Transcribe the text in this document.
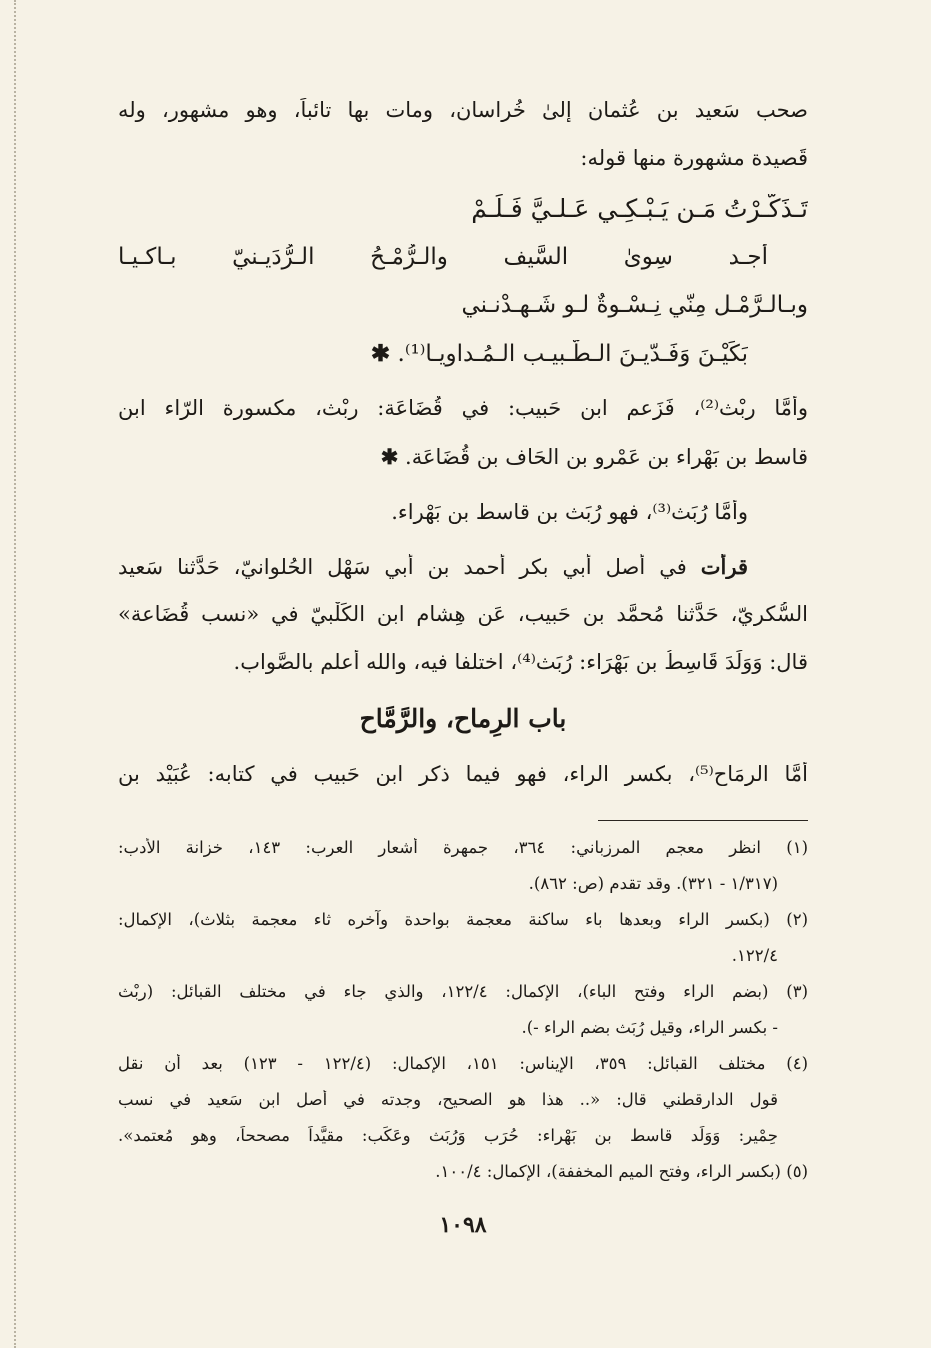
صحب سَعيد بن عُثمان إلىٰ خُراسان، ومات بها تائباً، وهو مشهور، وله
قَصيدة مشهورة منها قوله:
تَـذَكَّـرْتُ مَـن يَـبْـكِـي عَـلـيَّ فَـلَـمْ
أجـد سِوىٰ السَّيف والـرُّمْـحُ الـرُّدَيـنيّ بـاكـيـا
وبـالـرَّمْـل مِنّي نِـسْـوةٌ لـو شَـهِـدْنـني
بَكَيْـنَ وَفَـدّيـنَ الـطَّـبيـب الـمُـداويـا⁽¹⁾. ✱
وأمَّا رِبْث⁽²⁾، فَزَعم ابن حَبيب: في قُضَاعَة: رِبْث، مكسورة الرّاء ابن
قاسط بن بَهْراء بن عَمْرو بن الحَاف بن قُضَاعَة. ✱
وأمَّا رُبَث⁽³⁾، فهو رُبَث بن قاسط بن بَهْراء.
قرأت في أصل أبي بكر أحمد بن أبي سَهْل الحُلوانيّ، حَدَّثنا سَعيد
السُّكريّ، حَدَّثنا مُحمَّد بن حَبيب، عَن هِشام ابن الكَلْبيّ في «نسب قُضَاعة»
قال: وَوَلَدَ قَاسِطُ بن بَهْرَاء: رُبَث⁽⁴⁾، اختلفا فيه، والله أعلم بالصَّواب.
باب الرِماح، والرَّمَّاح
أمَّا الرِمَاح⁽⁵⁾، بكسر الراء، فهو فيما ذكر ابن حَبيب في كتابه: عُبَيْد بن
(١) انظر معجم المرزباني: ٣٦٤، جمهرة أشعار العرب: ١٤٣، خزانة الأدب:
(١/٣١٧ - ٣٢١). وقد تقدم (ص: ٨٦٢).
(٢) (بكسر الراء وبعدها باء ساكنة معجمة بواحدة وآخره ثاء معجمة بثلاث)، الإكمال:
١٢٢/٤.
(٣) (بضم الراء وفتح الباء)، الإكمال: ١٢٢/٤، والذي جاء في مختلف القبائل: (رِبْث
- بكسر الراء، وقيل رُبَث بضم الراء -).
(٤) مختلف القبائل: ٣٥٩، الإيناس: ١٥١، الإكمال: (١٢٢/٤ - ١٢٣) بعد أن نقل
قول الدارقطني قال: «.. هذا هو الصحيح، وجدته في أصل ابن سَعيد في نسب
حِمْير: وَوَلَد قاسط بن بَهْراء: حُرَب وَرُبَث وعَكَب: مقيَّداً مصححاً، وهو مُعتمد».
(٥) (بكسر الراء، وفتح الميم المخففة)، الإكمال: ١٠٠/٤.
١٠٩٨
